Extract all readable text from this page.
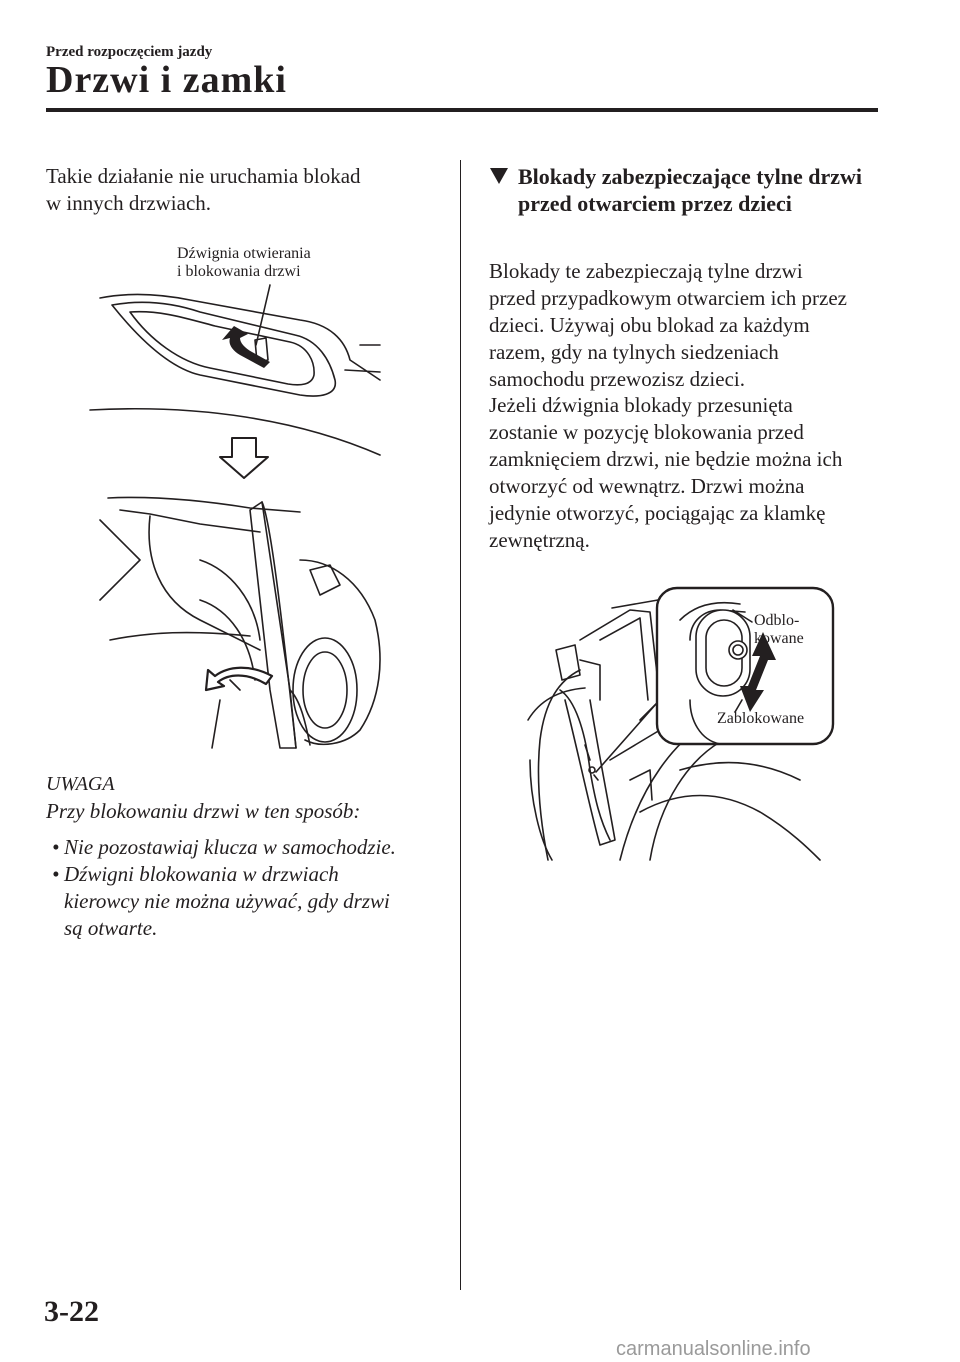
Przed rozpoczęciem jazdy
Drzwi i zamki
Takie działanie nie uruchamia blokad
w innych drzwiach.
Dźwignia otwierania
i blokowania drzwi
UWAGA
Przy blokowaniu drzwi w ten sposób:
• Nie pozostawiaj klucza w samochodzie.
• Dźwigni blokowania w drzwiach
kierowcy nie można używać, gdy drzwi
są otwarte.
Blokady zabezpieczające tylne drzwi
przed otwarciem przez dzieci
Blokady te zabezpieczają tylne drzwi
przed przypadkowym otwarciem ich przez
dzieci. Używaj obu blokad za każdym
razem, gdy na tylnych siedzeniach
samochodu przewozisz dzieci.
Jeżeli dźwignia blokady przesunięta
zostanie w pozycję blokowania przed
zamknięciem drzwi, nie będzie można ich
otworzyć od wewnątrz. Drzwi można
jedynie otworzyć, pociągając za klamkę
zewnętrzną.
Odblo-
kowane
Zablokowane
3-22
carmanualsonline.info
